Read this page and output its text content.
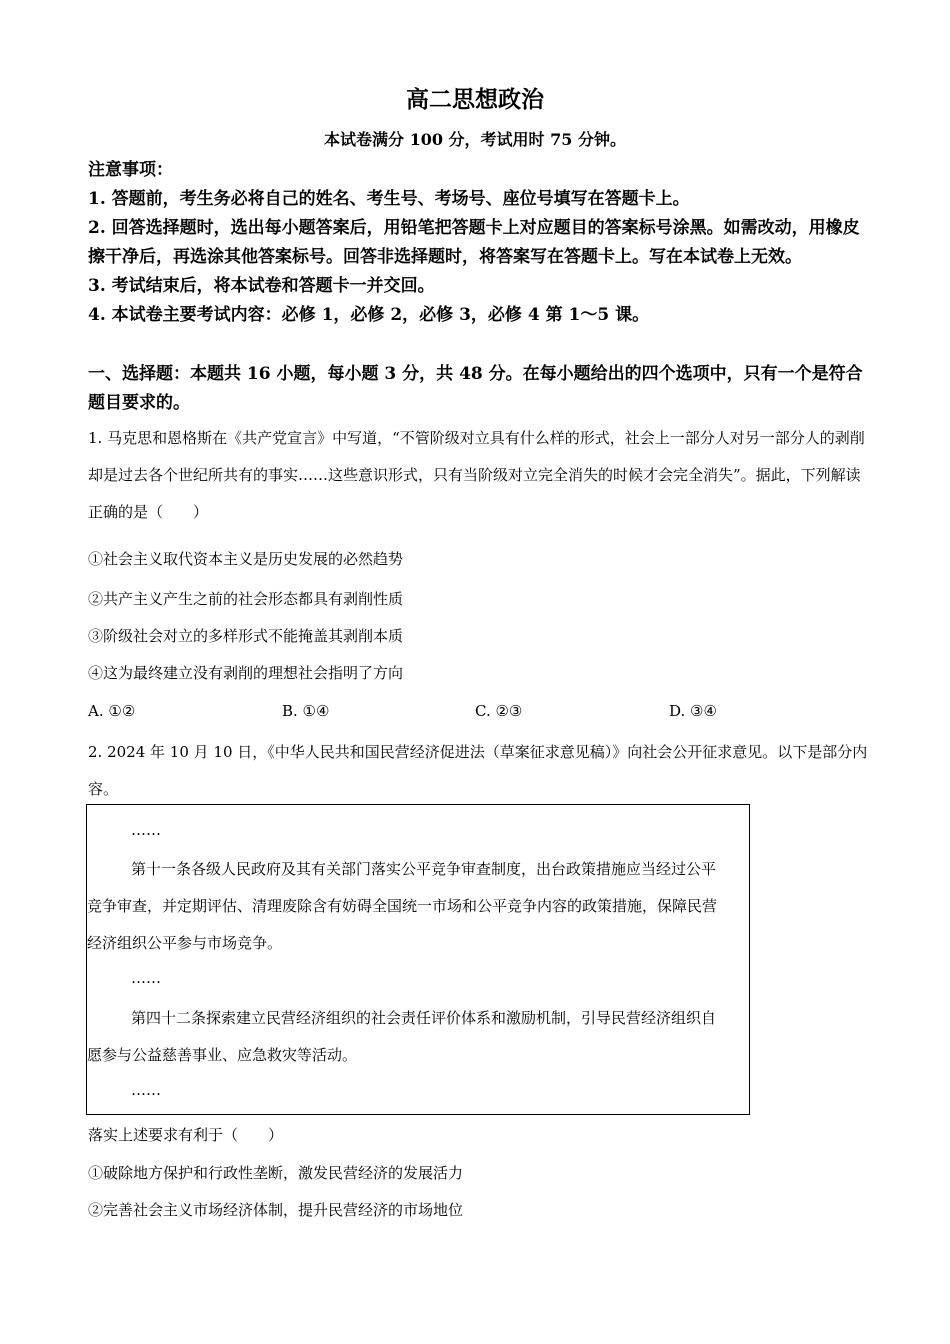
高二思想政治
本试卷满分 100 分，考试用时 75 分钟。

注意事项：

1. 答题前，考生务必将自己的姓名、考生号、考场号、座位号填写在答题卡上。

2. 回答选择题时，选出每小题答案后，用铅笔把答题卡上对应题目的答案标号涂黑。如需改动，用橡皮擦干净后，再选涂其他答案标号。回答非选择题时，将答案写在答题卡上。写在本试卷上无效。

3. 考试结束后，将本试卷和答题卡一并交回。

4. 本试卷主要考试内容：必修 1，必修 2，必修 3，必修 4 第 1～5 课。

一、选择题：本题共 16 小题，每小题 3 分，共 48 分。在每小题给出的四个选项中，只有一个是符合题目要求的。

1. 马克思和恩格斯在《共产党宣言》中写道，“不管阶级对立具有什么样的形式，社会上一部分人对另一部分人的剥削却是过去各个世纪所共有的事实……这些意识形式，只有当阶级对立完全消失的时候才会完全消失”。据此，下列解读正确的是（　　）

①社会主义取代资本主义是历史发展的必然趋势
②共产主义产生之前的社会形态都具有剥削性质
③阶级社会对立的多样形式不能掩盖其剥削本质
④这为最终建立没有剥削的理想社会指明了方向
A. ①②	B. ①④	C. ②③	D. ③④

2. 2024 年 10 月 10 日，《中华人民共和国民营经济促进法（草案征求意见稿）》向社会公开征求意见。以下是部分内容。

……

第十一条各级人民政府及其有关部门落实公平竞争审查制度，出台政策措施应当经过公平竞争审查，并定期评估、清理废除含有妨碍全国统一市场和公平竞争内容的政策措施，保障民营经济组织公平参与市场竞争。

……

第四十二条探索建立民营经济组织的社会责任评价体系和激励机制，引导民营经济组织自愿参与公益慈善事业、应急救灾等活动。

……
落实上述要求有利于（　　）
①破除地方保护和行政性垄断，激发民营经济的发展活力
②完善社会主义市场经济体制，提升民营经济的市场地位
